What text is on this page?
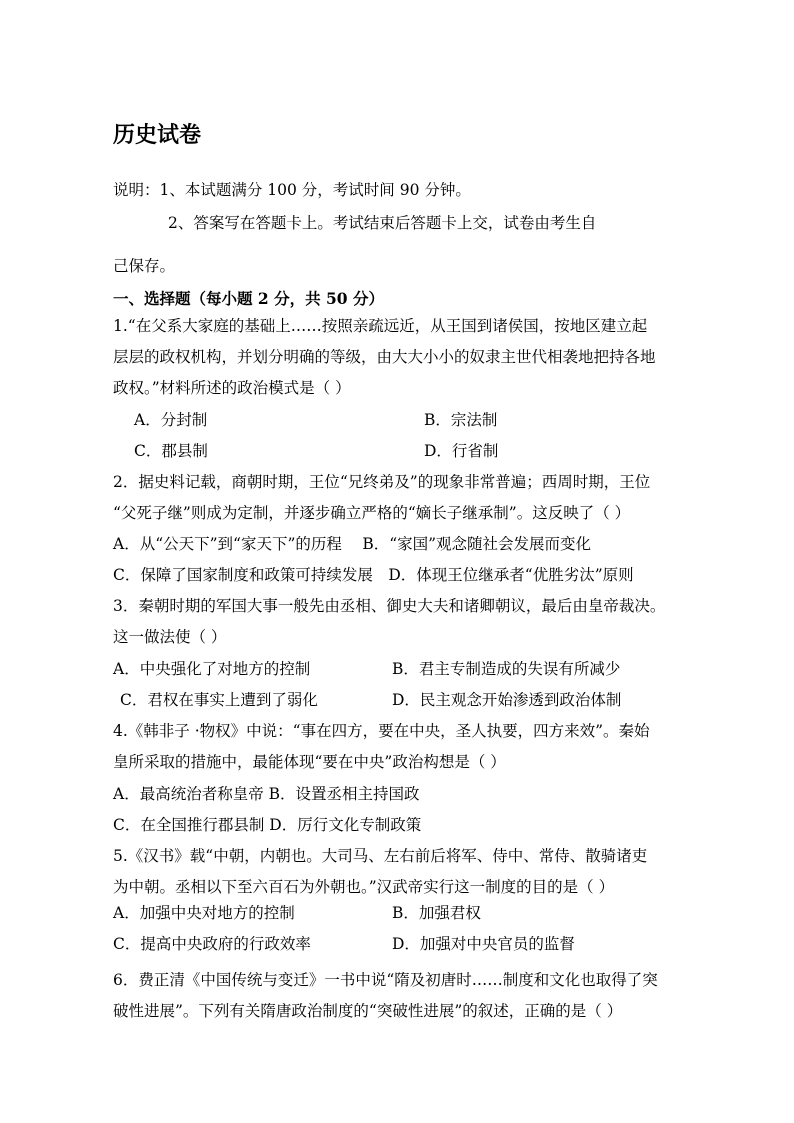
历史试卷
说明：1、本试题满分 100 分，考试时间 90 分钟。
2、答案写在答题卡上。考试结束后答题卡上交，试卷由考生自
己保存。
一、选择题（每小题 2 分，共 50 分）
1.“在父系大家庭的基础上……按照亲疏远近，从王国到诸侯国，按地区建立起
层层的政权机构，并划分明确的等级，由大大小小的奴隶主世代相袭地把持各地
政权。”材料所述的政治模式是（ ）
A．分封制	B．宗法制
C．郡县制	D．行省制
2．据史料记载，商朝时期，王位“兄终弟及”的现象非常普遍；西周时期，王位
“父死子继”则成为定制，并逐步确立严格的“嫡长子继承制”。这反映了（ ）
A．从“公天下”到“家天下”的历程　 B．“家国”观念随社会发展而变化
C．保障了国家制度和政策可持续发展　D．体现王位继承者“优胜劣汰”原则
3．秦朝时期的军国大事一般先由丞相、御史大夫和诸卿朝议，最后由皇帝裁决。
这一做法使（ ）
A．中央强化了对地方的控制	B．君主专制造成的失误有所减少
C．君权在事实上遭到了弱化	D．民主观念开始渗透到政治体制
4.《韩非子 ·物权》中说：“事在四方，要在中央，圣人执要，四方来效”。秦始
皇所采取的措施中，最能体现“要在中央”政治构想是（ ）
A．最高统治者称皇帝 B．设置丞相主持国政
C．在全国推行郡县制 D．厉行文化专制政策
5.《汉书》载“中朝，内朝也。大司马、左右前后将军、侍中、常侍、散骑诸吏
为中朝。丞相以下至六百石为外朝也。”汉武帝实行这一制度的目的是（ ）
A．加强中央对地方的控制	B．加强君权
C．提高中央政府的行政效率	D．加强对中央官员的监督
6．费正清《中国传统与变迁》一书中说“隋及初唐时……制度和文化也取得了突
破性进展”。下列有关隋唐政治制度的“突破性进展”的叙述，正确的是（ ）
